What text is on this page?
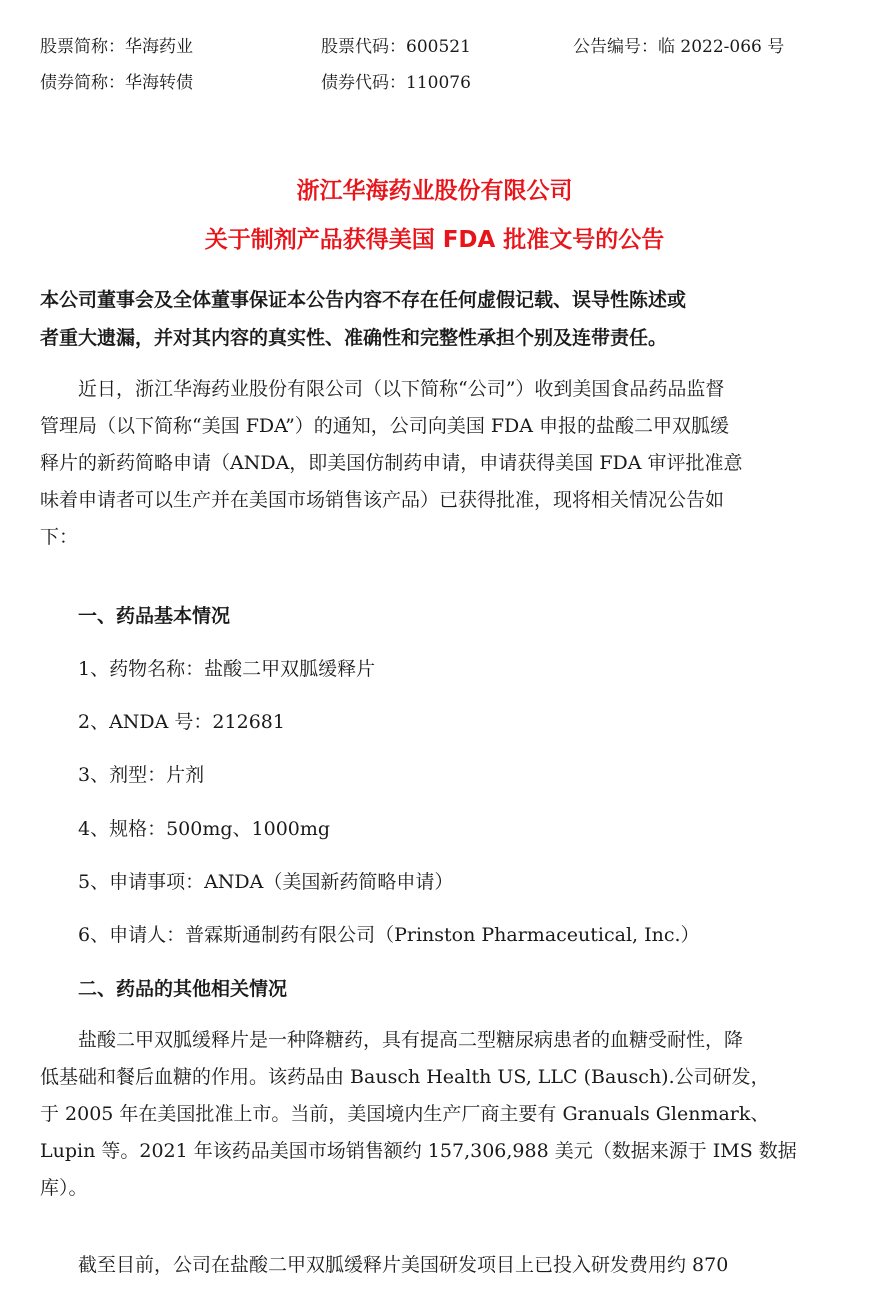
股票简称：华海药业	股票代码：600521	公告编号：临 2022-066 号
债券简称：华海转债	债券代码：110076
浙江华海药业股份有限公司
关于制剂产品获得美国 FDA 批准文号的公告
本公司董事会及全体董事保证本公告内容不存在任何虚假记载、误导性陈述或
者重大遗漏，并对其内容的真实性、准确性和完整性承担个别及连带责任。
　　近日，浙江华海药业股份有限公司（以下简称“公司”）收到美国食品药品监督
管理局（以下简称“美国 FDA”）的通知，公司向美国 FDA 申报的盐酸二甲双胍缓
释片的新药简略申请（ANDA，即美国仿制药申请，申请获得美国 FDA 审评批准意
味着申请者可以生产并在美国市场销售该产品）已获得批准，现将相关情况公告如
下：
一、药品基本情况
1、药物名称：盐酸二甲双胍缓释片
2、ANDA 号：212681
3、剂型：片剂
4、规格：500mg、1000mg
5、申请事项：ANDA（美国新药简略申请）
6、申请人：普霖斯通制药有限公司（Prinston Pharmaceutical, Inc.）
二、药品的其他相关情况
　　盐酸二甲双胍缓释片是一种降糖药，具有提高二型糖尿病患者的血糖受耐性，降
低基础和餐后血糖的作用。该药品由 Bausch Health US, LLC (Bausch).公司研发，
于 2005 年在美国批准上市。当前，美国境内生产厂商主要有 Granuals Glenmark、
Lupin 等。2021 年该药品美国市场销售额约 157,306,988 美元（数据来源于 IMS 数据
库）。
　　截至目前，公司在盐酸二甲双胍缓释片美国研发项目上已投入研发费用约 870
